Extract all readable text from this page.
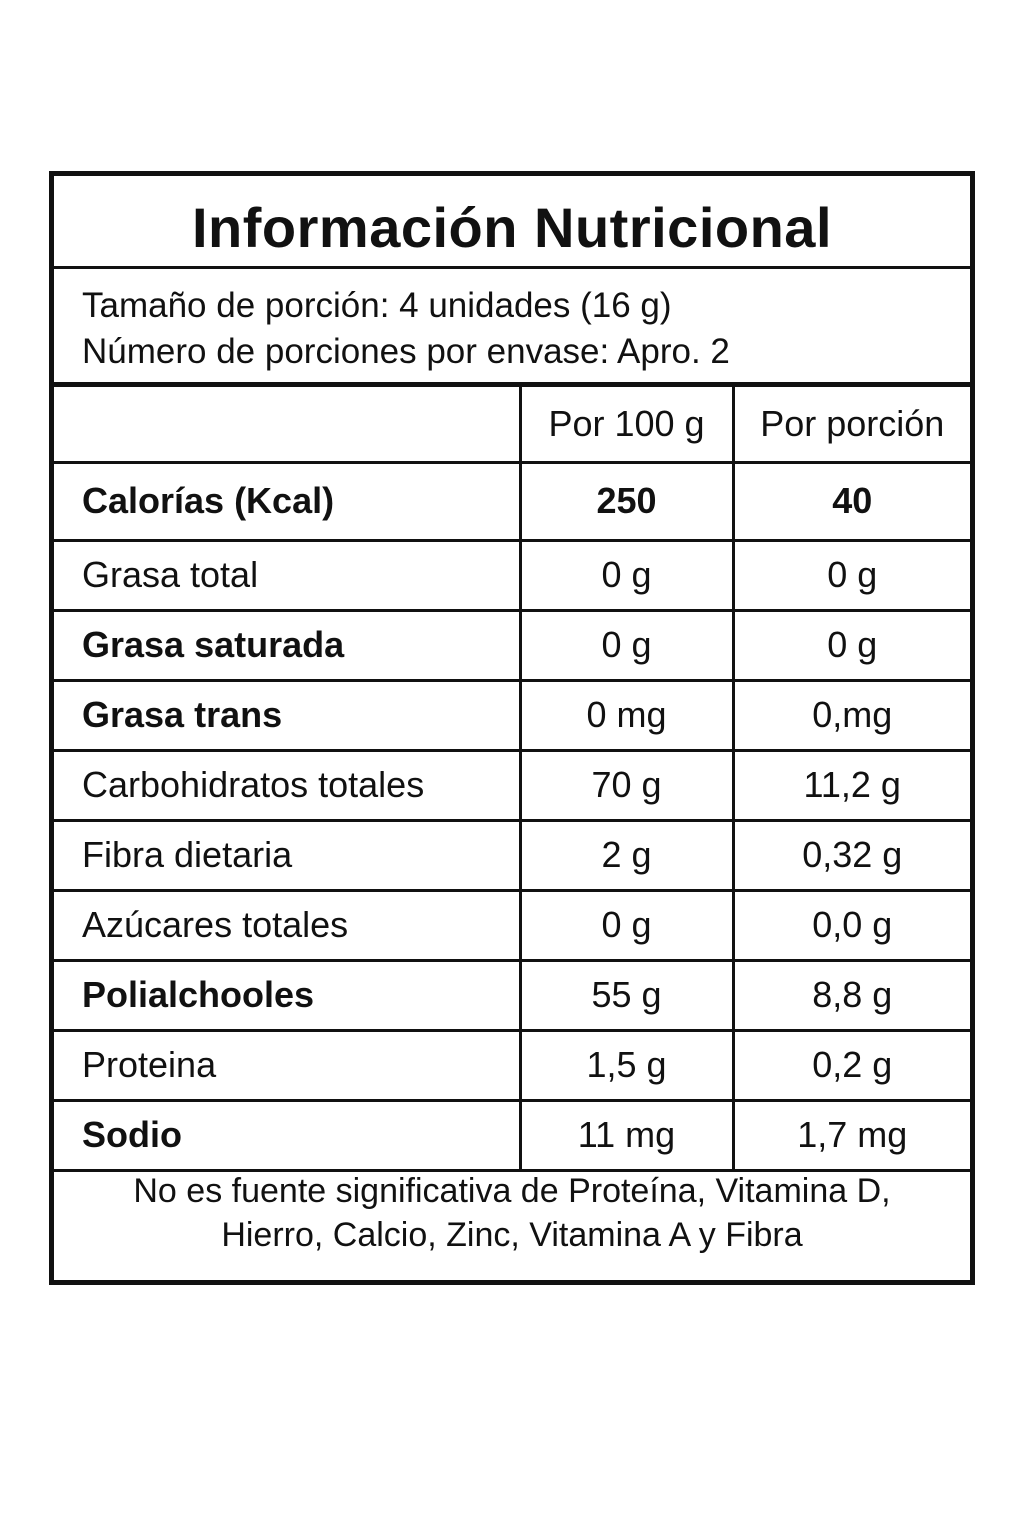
Información Nutricional
Tamaño de porción: 4 unidades (16 g)
Número de porciones por envase: Apro. 2
	Por 100 g	Por porción
Calorías (Kcal)	250	40
Grasa total	0 g	0 g
Grasa saturada	0 g	0 g
Grasa trans	0 mg	0,mg
Carbohidratos totales	70 g	11,2 g
Fibra dietaria	2 g	0,32 g
Azúcares totales	0 g	0,0 g
Polialchooles	55 g	8,8 g
Proteina	1,5 g	0,2 g
Sodio	11 mg	1,7 mg
No es fuente significativa de Proteína, Vitamina D,
Hierro, Calcio, Zinc, Vitamina A y Fibra
